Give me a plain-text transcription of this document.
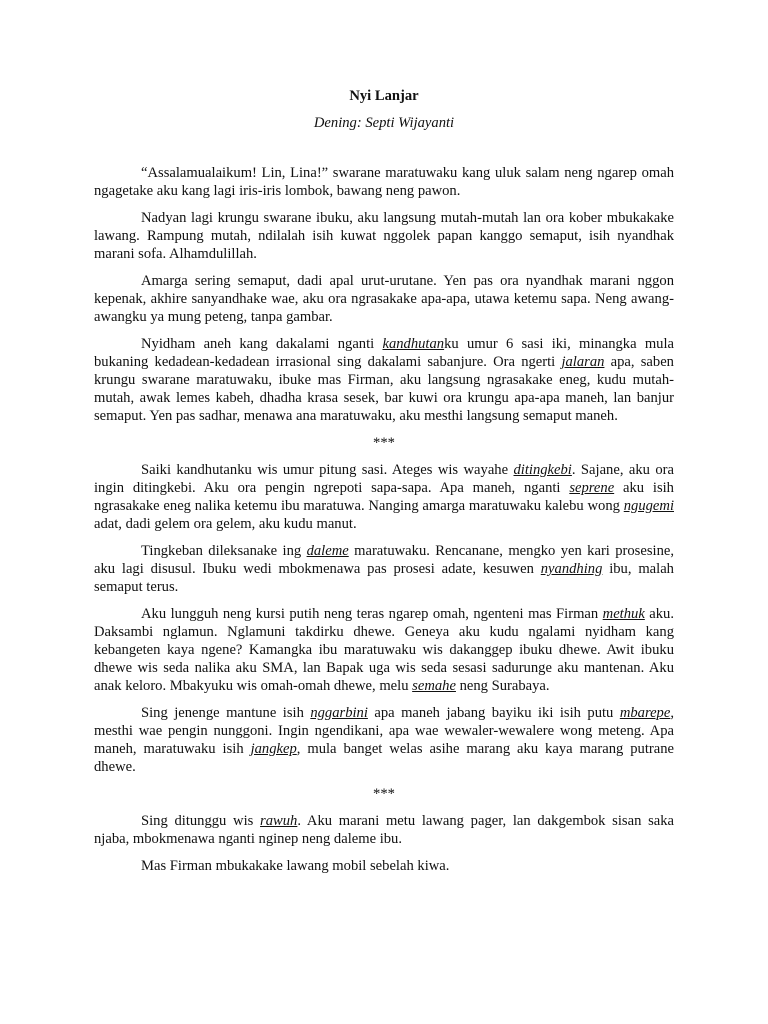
Nyi Lanjar

Dening: Septi Wijayanti

“Assalamualaikum! Lin, Lina!” swarane maratuwaku kang uluk salam neng ngarep omah ngagetake aku kang lagi iris-iris lombok, bawang neng pawon.

Nadyan lagi krungu swarane ibuku, aku langsung mutah-mutah lan ora kober mbukakake lawang. Rampung mutah, ndilalah isih kuwat nggolek papan kanggo semaput, isih nyandhak marani sofa. Alhamdulillah.

Amarga sering semaput, dadi apal urut-urutane. Yen pas ora nyandhak marani nggon kepenak, akhire sanyandhake wae, aku ora ngrasakake apa-apa, utawa ketemu sapa. Neng awang-awangku ya mung peteng, tanpa gambar.

Nyidham aneh kang dakalami nganti kandhutanku umur 6 sasi iki, minangka mula bukaning kedadean-kedadean irrasional sing dakalami sabanjure. Ora ngerti jalaran apa, saben krungu swarane maratuwaku, ibuke mas Firman, aku langsung ngrasakake eneg, kudu mutah-mutah, awak lemes kabeh, dhadha krasa sesek, bar kuwi ora krungu apa-apa maneh, lan banjur semaput. Yen pas sadhar, menawa ana maratuwaku, aku mesthi langsung semaput maneh.

***

Saiki kandhutanku wis umur pitung sasi. Ateges wis wayahe ditingkebi. Sajane, aku ora ingin ditingkebi. Aku ora pengin ngrepoti sapa-sapa. Apa maneh, nganti seprene aku isih ngrasakake eneg nalika ketemu ibu maratuwa. Nanging amarga maratuwaku kalebu wong ngugemi adat, dadi gelem ora gelem, aku kudu manut.

Tingkeban dileksanake ing daleme maratuwaku. Rencanane, mengko yen kari prosesine, aku lagi disusul. Ibuku wedi mbokmenawa pas prosesi adate, kesuwen nyandhing ibu, malah semaput terus.

Aku lungguh neng kursi putih neng teras ngarep omah, ngenteni mas Firman methuk aku. Daksambi nglamun. Nglamuni takdirku dhewe. Geneya aku kudu ngalami nyidham kang kebangeten kaya ngene? Kamangka ibu maratuwaku wis dakanggep ibuku dhewe. Awit ibuku dhewe wis seda nalika aku SMA, lan Bapak uga wis seda sesasi sadurunge aku mantenan. Aku anak keloro. Mbakyuku wis omah-omah dhewe, melu semahe neng Surabaya.

Sing jenenge mantune isih nggarbini apa maneh jabang bayiku iki isih putu mbarepe, mesthi wae pengin nunggoni. Ingin ngendikani, apa wae wewaler-wewalere wong meteng. Apa maneh, maratuwaku isih jangkep, mula banget welas asihe marang aku kaya marang putrane dhewe.

***

Sing ditunggu wis rawuh. Aku marani metu lawang pager, lan dakgembok sisan saka njaba, mbokmenawa nganti nginep neng daleme ibu.

Mas Firman mbukakake lawang mobil sebelah kiwa.
